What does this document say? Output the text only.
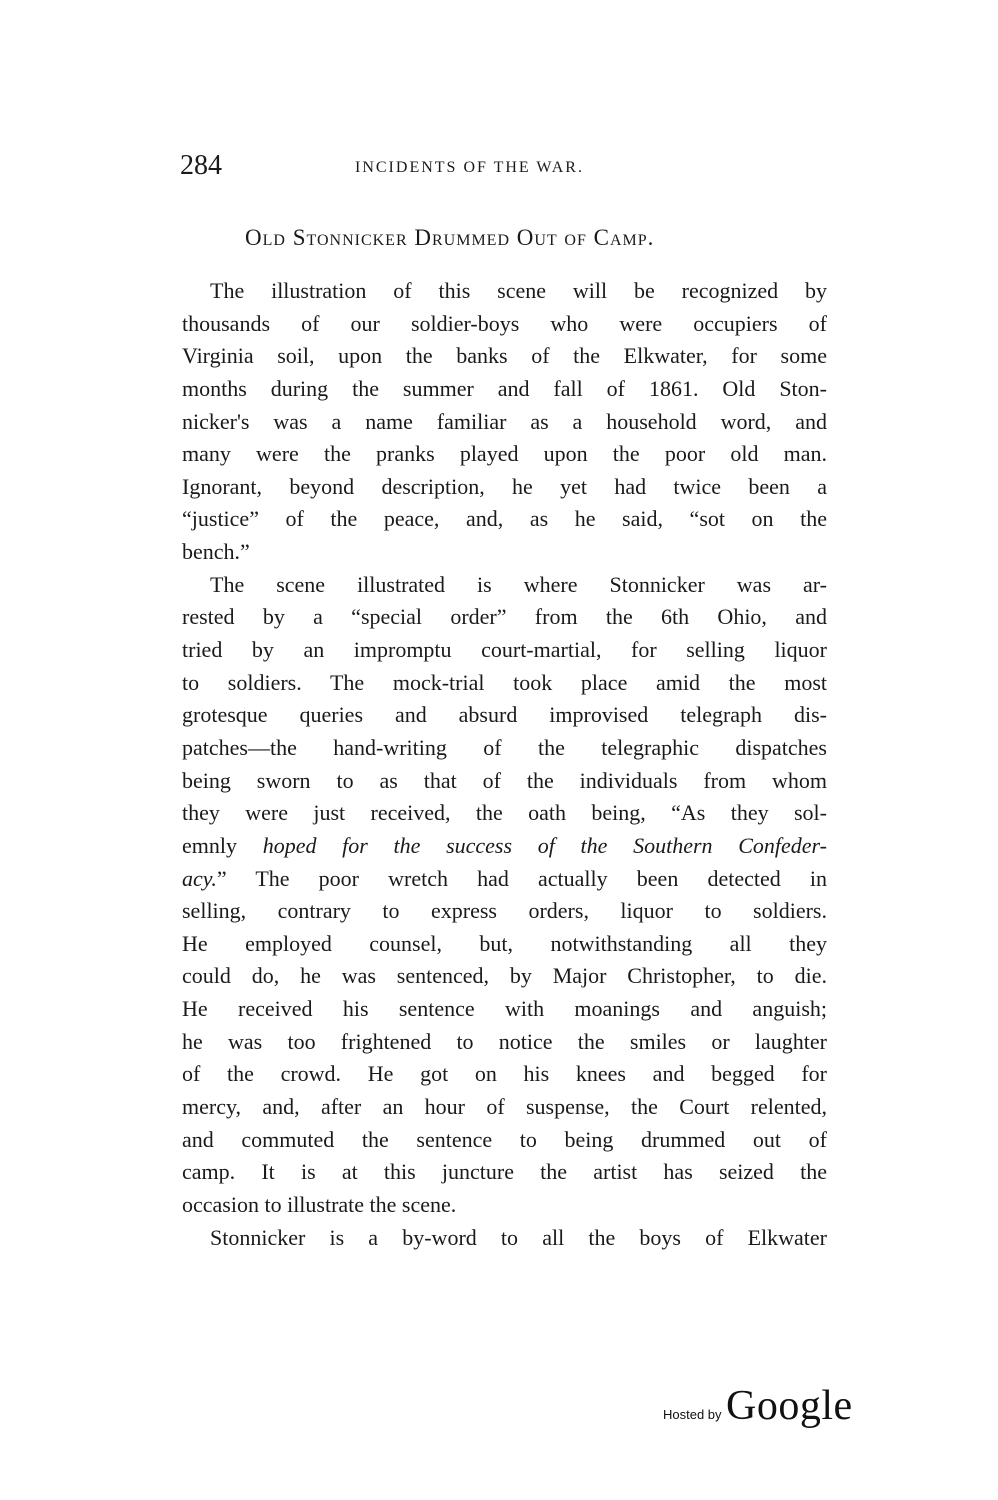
284	INCIDENTS OF THE WAR.
Old Stonnicker Drummed Out of Camp.
The illustration of this scene will be recognized by
thousands of our soldier-boys who were occupiers of
Virginia soil, upon the banks of the Elkwater, for some
months during the summer and fall of 1861. Old Ston-
nicker's was a name familiar as a household word, and
many were the pranks played upon the poor old man.
Ignorant, beyond description, he yet had twice been a
“justice” of the peace, and, as he said, “sot on the
bench.”
The scene illustrated is where Stonnicker was ar-
rested by a “special order” from the 6th Ohio, and
tried by an impromptu court-martial, for selling liquor
to soldiers. The mock-trial took place amid the most
grotesque queries and absurd improvised telegraph dis-
patches—the hand-writing of the telegraphic dispatches
being sworn to as that of the individuals from whom
they were just received, the oath being, “As they sol-
emnly hoped for the success of the Southern Confeder-
acy.” The poor wretch had actually been detected in
selling, contrary to express orders, liquor to soldiers.
He employed counsel, but, notwithstanding all they
could do, he was sentenced, by Major Christopher, to die.
He received his sentence with moanings and anguish;
he was too frightened to notice the smiles or laughter
of the crowd. He got on his knees and begged for
mercy, and, after an hour of suspense, the Court relented,
and commuted the sentence to being drummed out of
camp. It is at this juncture the artist has seized the
occasion to illustrate the scene.
Stonnicker is a by-word to all the boys of Elkwater
Hosted by Google
